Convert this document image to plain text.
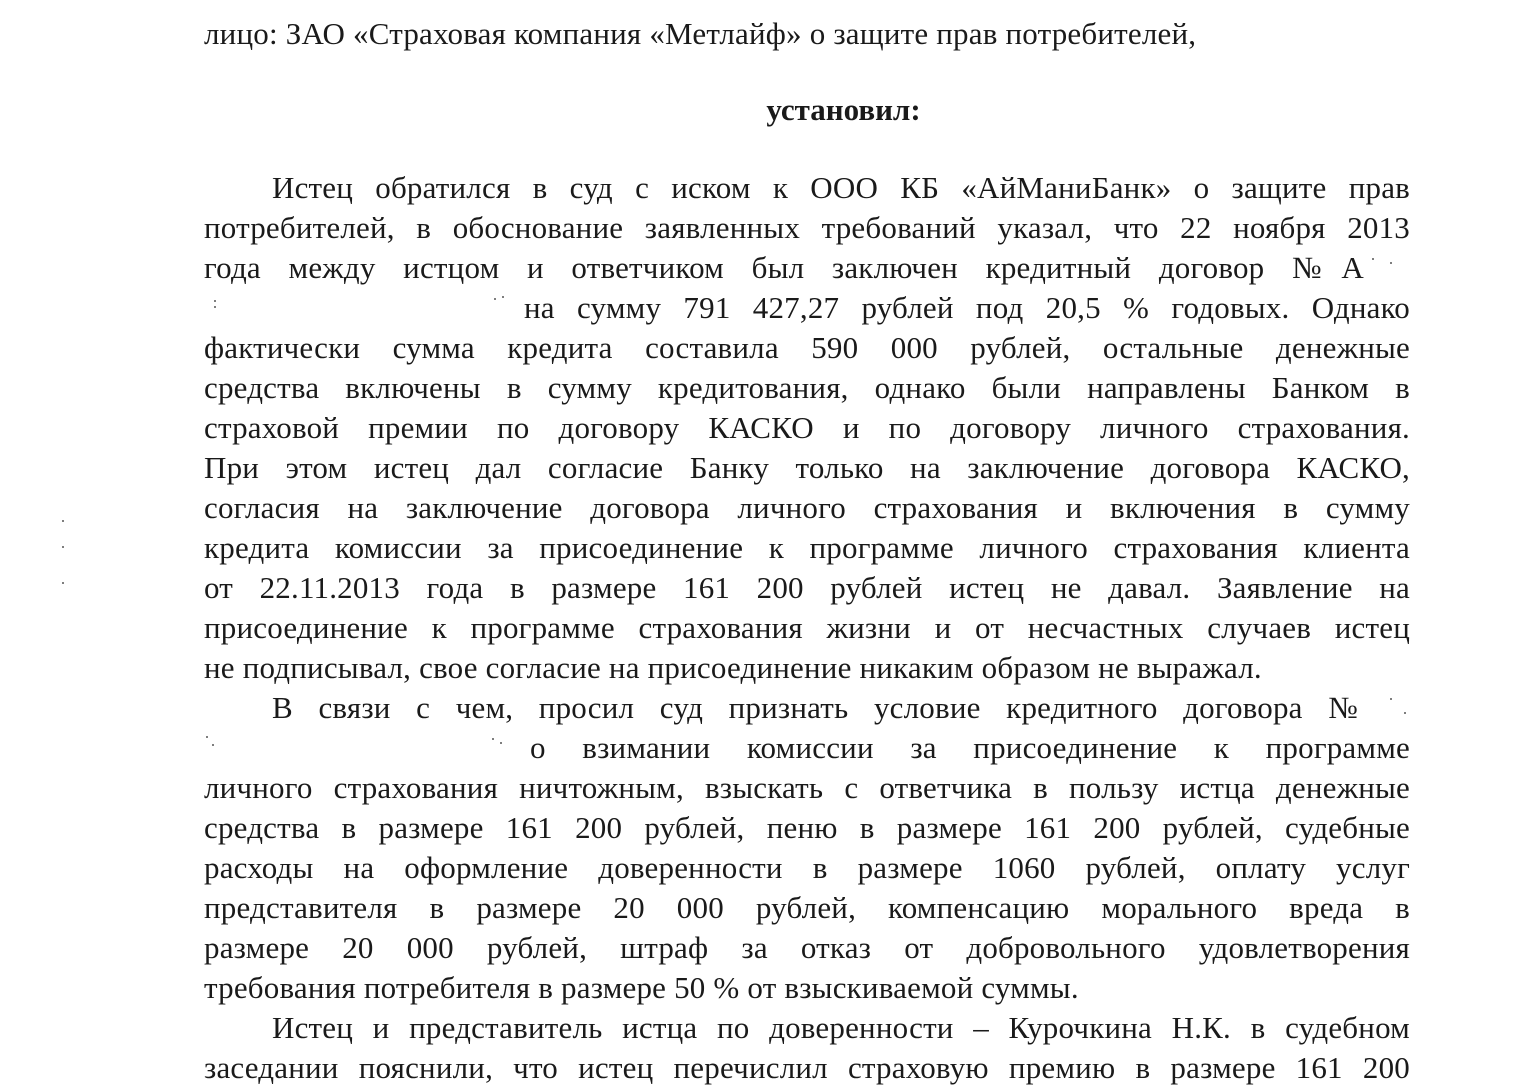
лицо: ЗАО «Страховая компания «Метлайф» о защите прав потребителей,
установил:
Истец обратился в суд с иском к ООО КБ «АйМаниБанк» о защите прав
потребителей, в обоснование заявленных требований указал, что 22 ноября 2013
года между истцом и ответчиком был заключен кредитный договор №А
на сумму 791 427,27 рублей под 20,5 % годовых. Однако
фактически сумма кредита составила 590 000 рублей, остальные денежные
средства включены в сумму кредитования, однако были направлены Банком в
страховой премии по договору КАСКО и по договору личного страхования.
При этом истец дал согласие Банку только на заключение договора КАСКО,
согласия на заключение договора личного страхования и включения в сумму
кредита комиссии за присоединение к программе личного страхования клиента
от 22.11.2013 года в размере 161 200 рублей истец не давал. Заявление на
присоединение к программе страхования жизни и от несчастных случаев истец
не подписывал, свое согласие на присоединение никаким образом не выражал.
В связи с чем, просил суд признать условие кредитного договора №
о взимании комиссии за присоединение к программе
личного страхования ничтожным, взыскать с ответчика в пользу истца денежные
средства в размере 161 200 рублей, пеню в размере 161 200 рублей, судебные
расходы на оформление доверенности в размере 1060 рублей, оплату услуг
представителя в размере 20 000 рублей, компенсацию морального вреда в
размере 20 000 рублей, штраф за отказ от добровольного удовлетворения
требования потребителя в размере 50 % от взыскиваемой суммы.
Истец и представитель истца по доверенности – Курочкина Н.К. в судебном
заседании пояснили, что истец перечислил страховую премию в размере 161 200
